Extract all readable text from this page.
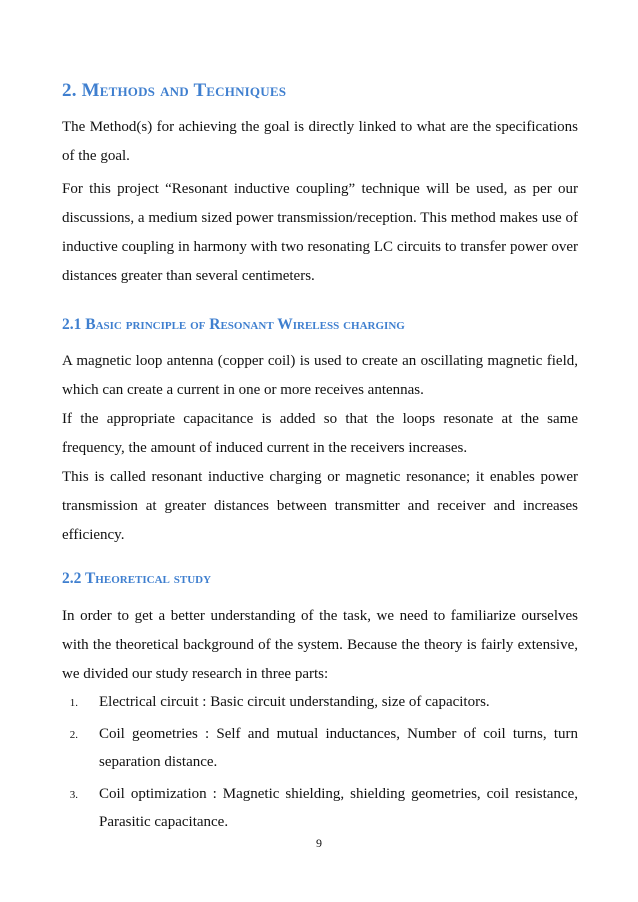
2. Methods and Techniques

The Method(s) for achieving the goal is directly linked to what are the specifications of the goal.

For this project “Resonant inductive coupling” technique will be used, as per our discussions, a medium sized power transmission/reception. This method makes use of inductive coupling in harmony with two resonating LC circuits to transfer power over distances greater than several centimeters.

2.1 Basic principle of Resonant Wireless charging

A magnetic loop antenna (copper coil) is used to create an oscillating magnetic field, which can create a current in one or more receives antennas.

If the appropriate capacitance is added so that the loops resonate at the same frequency, the amount of induced current in the receivers increases.

This is called resonant inductive charging or magnetic resonance; it enables power transmission at greater distances between transmitter and receiver and increases efficiency.

2.2 Theoretical study

In order to get a better understanding of the task, we need to familiarize ourselves with the theoretical background of the system. Because the theory is fairly extensive, we divided our study research in three parts:

1. Electrical circuit : Basic circuit understanding, size of capacitors.
2. Coil geometries : Self and mutual inductances, Number of coil turns, turn separation distance.
3. Coil optimization : Magnetic shielding, shielding geometries, coil resistance, Parasitic capacitance.
9
